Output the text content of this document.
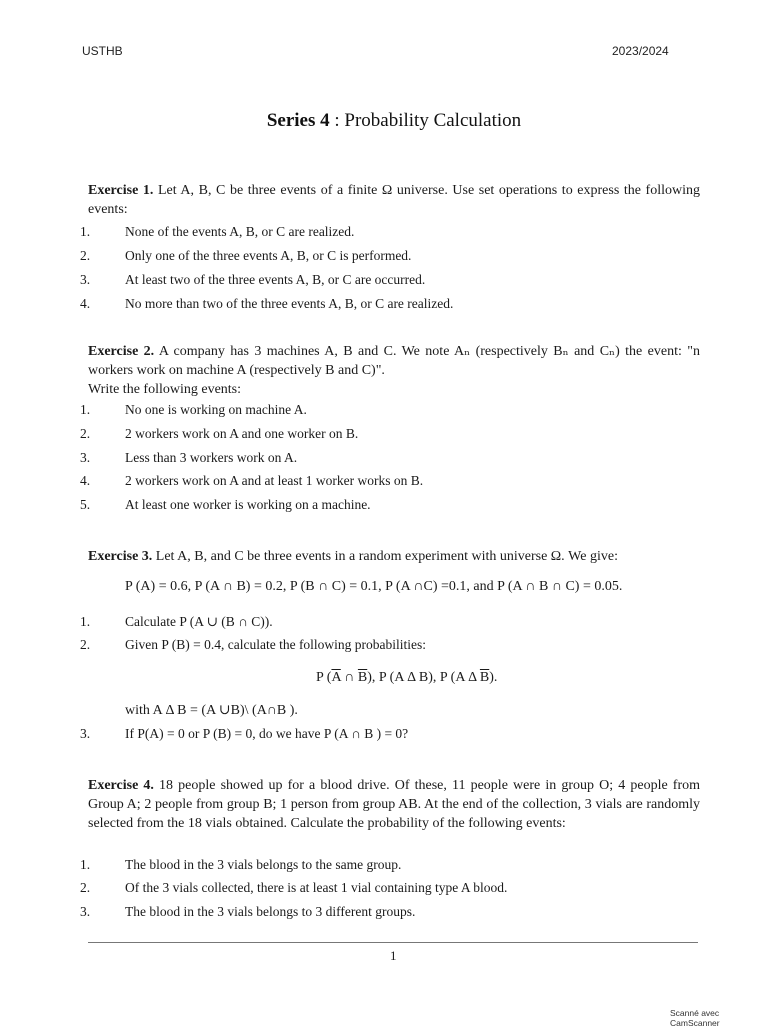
USTHB	2023/2024
Series 4 : Probability Calculation

Exercise 1. Let A, B, C be three events of a finite Ω universe. Use set operations to express the following events:

1.	None of the events A, B, or C are realized.
2.	Only one of the three events A, B, or C is performed.
3.	At least two of the three events A, B, or C are occurred.
4.	No more than two of the three events A, B, or C are realized.

Exercise 2. A company has 3 machines A, B and C. We note Aₙ (respectively Bₙ and Cₙ) the event: "n workers work on machine A (respectively B and C)".

Write the following events:

1.	No one is working on machine A.
2.	2 workers work on A and one worker on B.
3.	Less than 3 workers work on A.
4.	2 workers work on A and at least 1 worker works on B.
5.	At least one worker is working on a machine.

Exercise 3. Let A, B, and C be three events in a random experiment with universe Ω. We give:

P (A) = 0.6, P (A ∩ B) = 0.2, P (B ∩ C) = 0.1, P (A ∩C) =0.1, and P (A ∩ B ∩ C) = 0.05.
1.	Calculate P (A ∪ (B ∩ C)).
2.	Given P (B) = 0.4, calculate the following probabilities:
P ($\overline{A}$ ∩ $\overline{B}$), P (A Δ B), P (A Δ $\overline{B}$).
with A Δ B = (A ∪B)\ (A∩B ).
3.	If P(A) = 0 or P (B) = 0, do we have P (A ∩ B ) = 0?

Exercise 4. 18 people showed up for a blood drive. Of these, 11 people were in group O; 4 people from Group A; 2 people from group B; 1 person from group AB. At the end of the collection, 3 vials are randomly selected from the 18 vials obtained. Calculate the probability of the following events:

1.	The blood in the 3 vials belongs to the same group.
2.	Of the 3 vials collected, there is at least 1 vial containing type A blood.
3.	The blood in the 3 vials belongs to 3 different groups.
1
Scanné avec CamScanner
